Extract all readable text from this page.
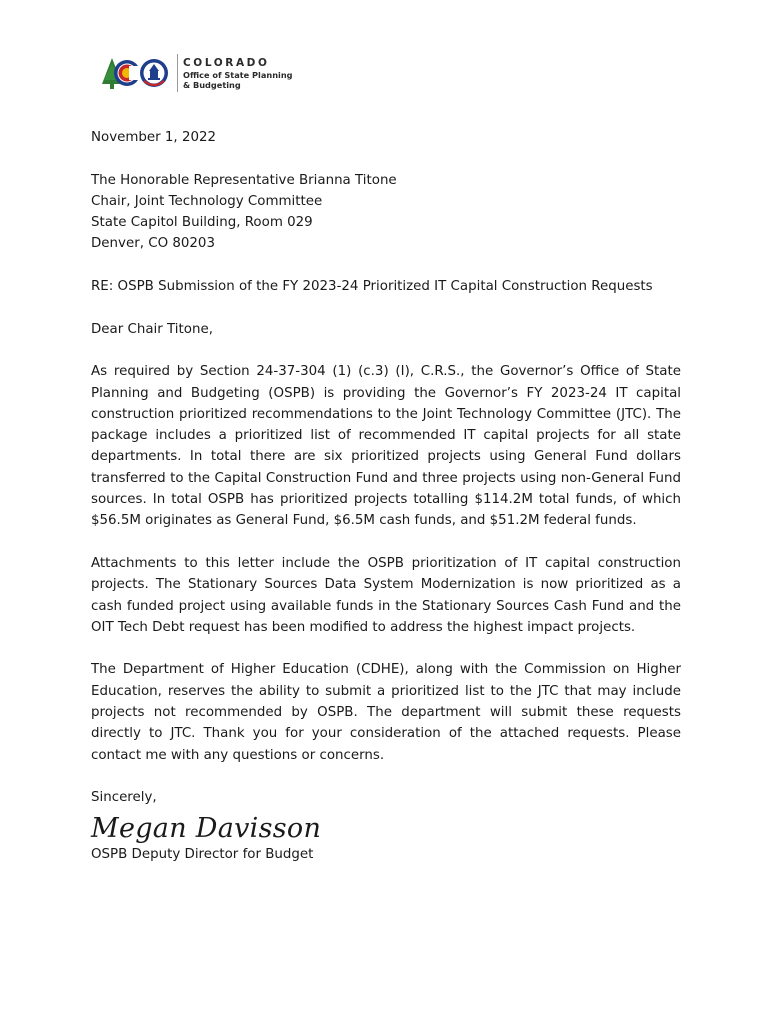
COLORADO
Office of State Planning
& Budgeting
November 1, 2022
The Honorable Representative Brianna Titone
Chair, Joint Technology Committee
State Capitol Building, Room 029
Denver, CO 80203
RE: OSPB Submission of the FY 2023-24 Prioritized IT Capital Construction Requests
Dear Chair Titone,

As required by Section 24-37-304 (1) (c.3) (I), C.R.S., the Governor’s Office of State Planning and Budgeting (OSPB) is providing the Governor’s FY 2023-24 IT capital construction prioritized recommendations to the Joint Technology Committee (JTC). The package includes a prioritized list of recommended IT capital projects for all state departments. In total there are six prioritized projects using General Fund dollars transferred to the Capital Construction Fund and three projects using non-General Fund sources. In total OSPB has prioritized projects totalling $114.2M total funds, of which $56.5M originates as General Fund, $6.5M cash funds, and $51.2M federal funds.

Attachments to this letter include the OSPB prioritization of IT capital construction projects. The Stationary Sources Data System Modernization is now prioritized as a cash funded project using available funds in the Stationary Sources Cash Fund and the OIT Tech Debt request has been modified to address the highest impact projects.

The Department of Higher Education (CDHE), along with the Commission on Higher Education, reserves the ability to submit a prioritized list to the JTC that may include projects not recommended by OSPB. The department will submit these requests directly to JTC. Thank you for your consideration of the attached requests. Please contact me with any questions or concerns.

Sincerely,
Megan Davisson
OSPB Deputy Director for Budget
